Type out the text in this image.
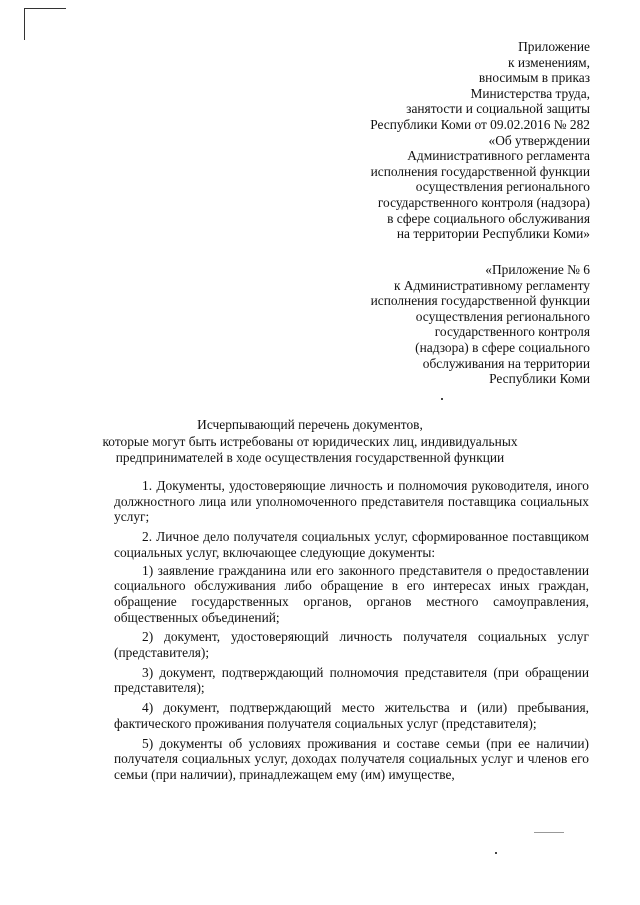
Приложение
к изменениям,
вносимым в приказ
Министерства труда,
занятости и социальной защиты
Республики Коми от 09.02.2016 № 282
«Об утверждении
Административного регламента
исполнения государственной функции
осуществления регионального
государственного контроля (надзора)
в сфере социального обслуживания
на территории Республики Коми»
«Приложение № 6
к Административному регламенту
исполнения государственной функции
осуществления регионального
государственного контроля
(надзора) в сфере социального
обслуживания на территории
Республики Коми
Исчерпывающий перечень документов,
которые могут быть истребованы от юридических лиц, индивидуальных
предпринимателей в ходе осуществления государственной функции

1. Документы, удостоверяющие личность и полномочия руководителя, иного должностного лица или уполномоченного представителя поставщика социальных услуг;

2. Личное дело получателя социальных услуг, сформированное поставщиком социальных услуг, включающее следующие документы:

1) заявление гражданина или его законного представителя о предоставлении социального обслуживания либо обращение в его интересах иных граждан, обращение государственных органов, органов местного самоуправления, общественных объединений;

2) документ, удостоверяющий личность получателя социальных услуг (представителя);

3) документ, подтверждающий полномочия представителя (при обращении представителя);

4) документ, подтверждающий место жительства и (или) пребывания, фактического проживания получателя социальных услуг (представителя);

5) документы об условиях проживания и составе семьи (при ее наличии) получателя социальных услуг, доходах получателя социальных услуг и членов его семьи (при наличии), принадлежащем ему (им) имуществе,
